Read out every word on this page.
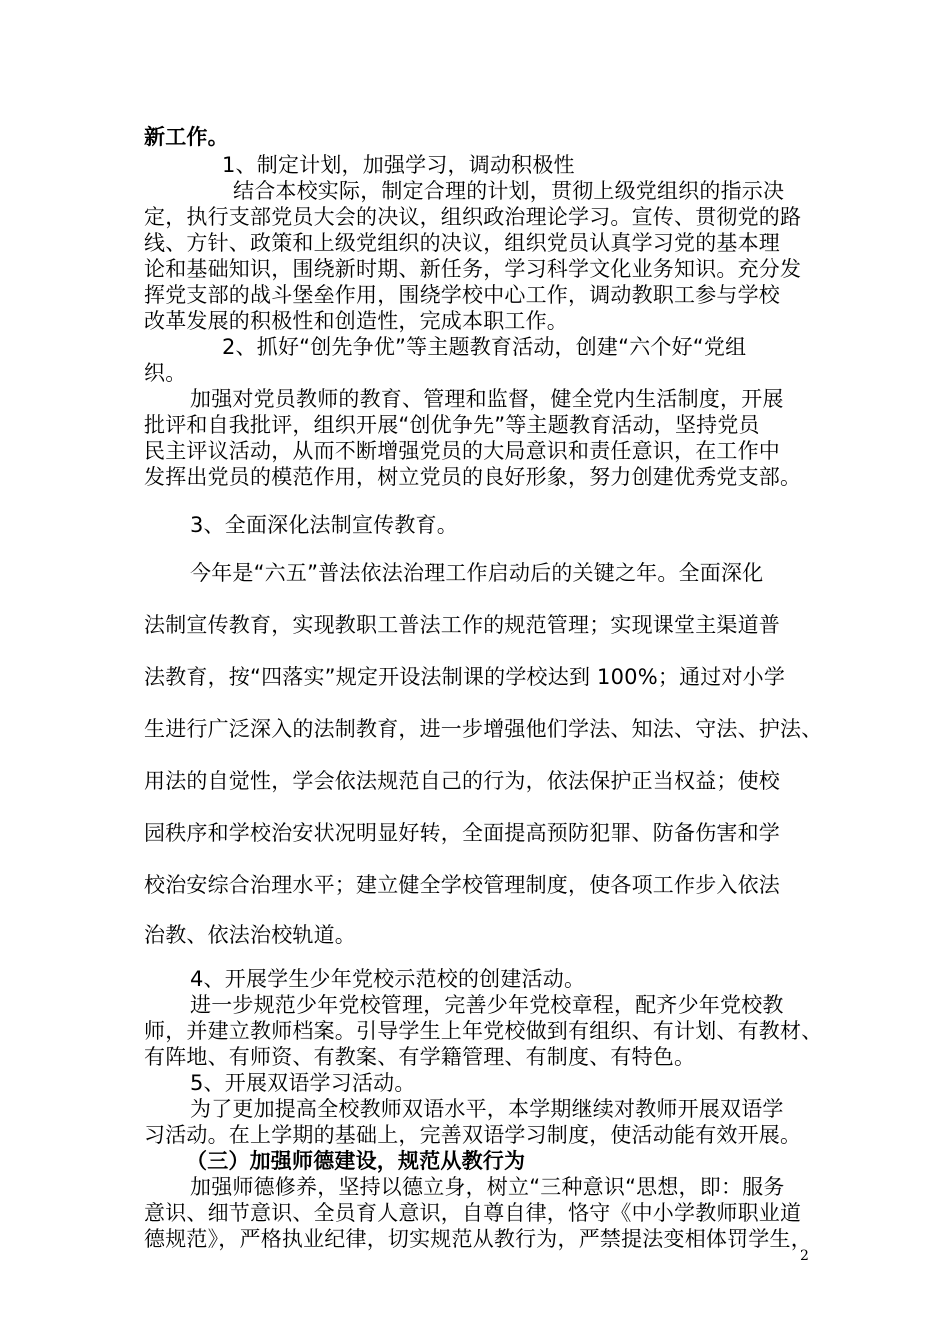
新工作。
1、制定计划，加强学习，调动积极性
结合本校实际，制定合理的计划，贯彻上级党组织的指示决
定，执行支部党员大会的决议，组织政治理论学习。宣传、贯彻党的路
线、方针、政策和上级党组织的决议，组织党员认真学习党的基本理
论和基础知识，围绕新时期、新任务，学习科学文化业务知识。充分发
挥党支部的战斗堡垒作用，围绕学校中心工作，调动教职工参与学校
改革发展的积极性和创造性，完成本职工作。
2、抓好“创先争优”等主题教育活动，创建“六个好“党组
织。
加强对党员教师的教育、管理和监督，健全党内生活制度，开展
批评和自我批评，组织开展“创优争先”等主题教育活动，坚持党员
民主评议活动，从而不断增强党员的大局意识和责任意识，在工作中
发挥出党员的模范作用，树立党员的良好形象，努力创建优秀党支部。
3、全面深化法制宣传教育。
今年是“六五”普法依法治理工作启动后的关键之年。全面深化
法制宣传教育，实现教职工普法工作的规范管理；实现课堂主渠道普
法教育，按“四落实”规定开设法制课的学校达到 100%；通过对小学
生进行广泛深入的法制教育，进一步增强他们学法、知法、守法、护法、
用法的自觉性，学会依法规范自己的行为，依法保护正当权益；使校
园秩序和学校治安状况明显好转，全面提高预防犯罪、防备伤害和学
校治安综合治理水平；建立健全学校管理制度，使各项工作步入依法
治教、依法治校轨道。
4、开展学生少年党校示范校的创建活动。
进一步规范少年党校管理，完善少年党校章程，配齐少年党校教
师，并建立教师档案。引导学生上年党校做到有组织、有计划、有教材、
有阵地、有师资、有教案、有学籍管理、有制度、有特色。
5、开展双语学习活动。
为了更加提高全校教师双语水平，本学期继续对教师开展双语学
习活动。在上学期的基础上，完善双语学习制度，使活动能有效开展。
（三）加强师德建设，规范从教行为
加强师德修养，坚持以德立身，树立“三种意识“思想，即：服务
意识、细节意识、全员育人意识，自尊自律，恪守《中小学教师职业道
德规范》，严格执业纪律，切实规范从教行为，严禁提法变相体罚学生，
2
